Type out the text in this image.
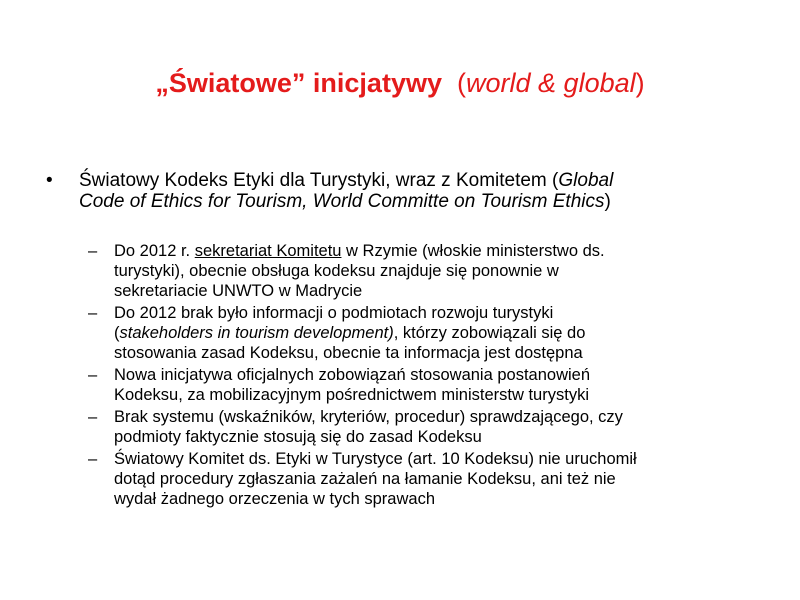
„Światowe” inicjatywy (world & global)
•	Światowy Kodeks Etyki dla Turystyki, wraz z Komitetem (Global
Code of Ethics for Tourism, World Committe on Tourism Ethics)
– Do 2012 r. sekretariat Komitetu w Rzymie (włoskie ministerstwo ds.
turystyki), obecnie obsługa kodeksu znajduje się ponownie w
sekretariacie UNWTO w Madrycie
– Do 2012 brak było informacji o podmiotach rozwoju turystyki
(stakeholders in tourism development), którzy zobowiązali się do
stosowania zasad Kodeksu, obecnie ta informacja jest dostępna
– Nowa inicjatywa oficjalnych zobowiązań stosowania postanowień
Kodeksu, za mobilizacyjnym pośrednictwem ministerstw turystyki
– Brak systemu (wskaźników, kryteriów, procedur) sprawdzającego, czy
podmioty faktycznie stosują się do zasad Kodeksu
– Światowy Komitet ds. Etyki w Turystyce (art. 10 Kodeksu) nie uruchomił
dotąd procedury zgłaszania zażaleń na łamanie Kodeksu, ani też nie
wydał żadnego orzeczenia w tych sprawach
